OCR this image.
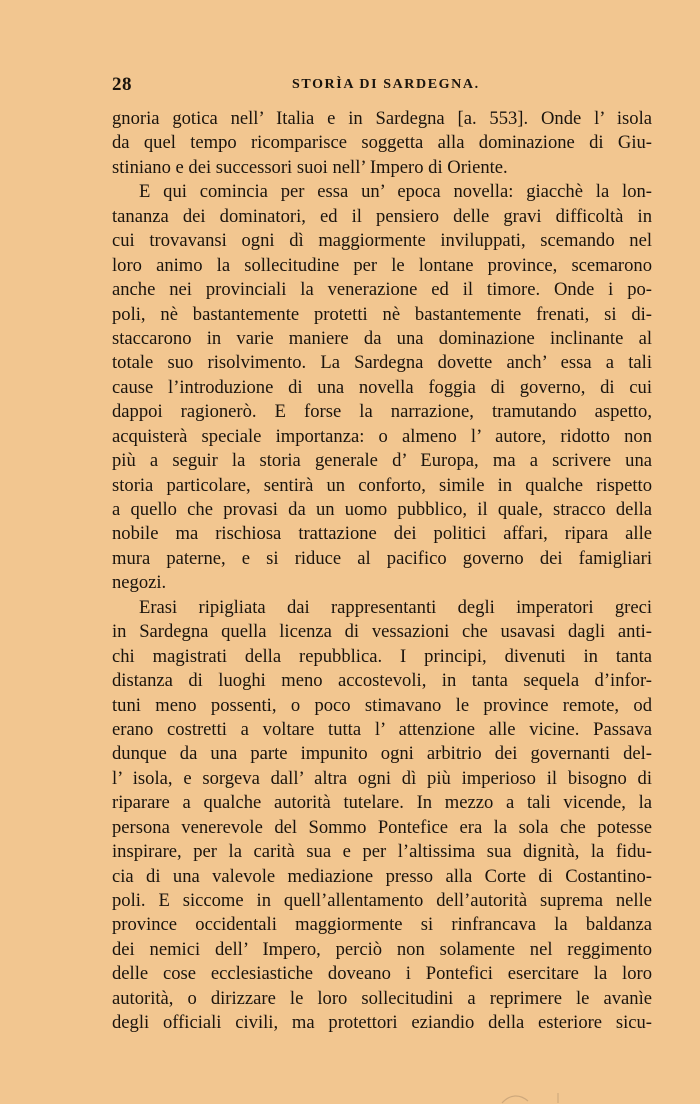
28	STORÌA DI SARDEGNA.
gnoria gotica nell’ Italia e in Sardegna [a. 553]. Onde l’ isola
da quel tempo ricomparisce soggetta alla dominazione di Giu-
stiniano e dei successori suoi nell’ Impero di Oriente.
E qui comincia per essa un’ epoca novella: giacchè la lon-
tananza dei dominatori, ed il pensiero delle gravi difficoltà in
cui trovavansi ogni dì maggiormente inviluppati, scemando nel
loro animo la sollecitudine per le lontane province, scemarono
anche nei provinciali la venerazione ed il timore. Onde i po-
poli, nè bastantemente protetti nè bastantemente frenati, si di-
staccarono in varie maniere da una dominazione inclinante al
totale suo risolvimento. La Sardegna dovette anch’ essa a tali
cause l’introduzione di una novella foggia di governo, di cui
dappoi ragionerò. E forse la narrazione, tramutando aspetto,
acquisterà speciale importanza: o almeno l’ autore, ridotto non
più a seguir la storia generale d’ Europa, ma a scrivere una
storia particolare, sentirà un conforto, simile in qualche rispetto
a quello che provasi da un uomo pubblico, il quale, stracco della
nobile ma rischiosa trattazione dei politici affari, ripara alle
mura paterne, e si riduce al pacifico governo dei famigliari
negozi.
Erasi ripigliata dai rappresentanti degli imperatori greci
in Sardegna quella licenza di vessazioni che usavasi dagli anti-
chi magistrati della repubblica. I principi, divenuti in tanta
distanza di luoghi meno accostevoli, in tanta sequela d’infor-
tuni meno possenti, o poco stimavano le province remote, od
erano costretti a voltare tutta l’ attenzione alle vicine. Passava
dunque da una parte impunito ogni arbitrio dei governanti del-
l’ isola, e sorgeva dall’ altra ogni dì più imperioso il bisogno di
riparare a qualche autorità tutelare. In mezzo a tali vicende, la
persona venerevole del Sommo Pontefice era la sola che potesse
inspirare, per la carità sua e per l’altissima sua dignità, la fidu-
cia di una valevole mediazione presso alla Corte di Costantino-
poli. E siccome in quell’allentamento dell’autorità suprema nelle
province occidentali maggiormente si rinfrancava la baldanza
dei nemici dell’ Impero, perciò non solamente nel reggimento
delle cose ecclesiastiche doveano i Pontefici esercitare la loro
autorità, o dirizzare le loro sollecitudini a reprimere le avanìe
degli officiali civili, ma protettori eziandio della esteriore sicu-
